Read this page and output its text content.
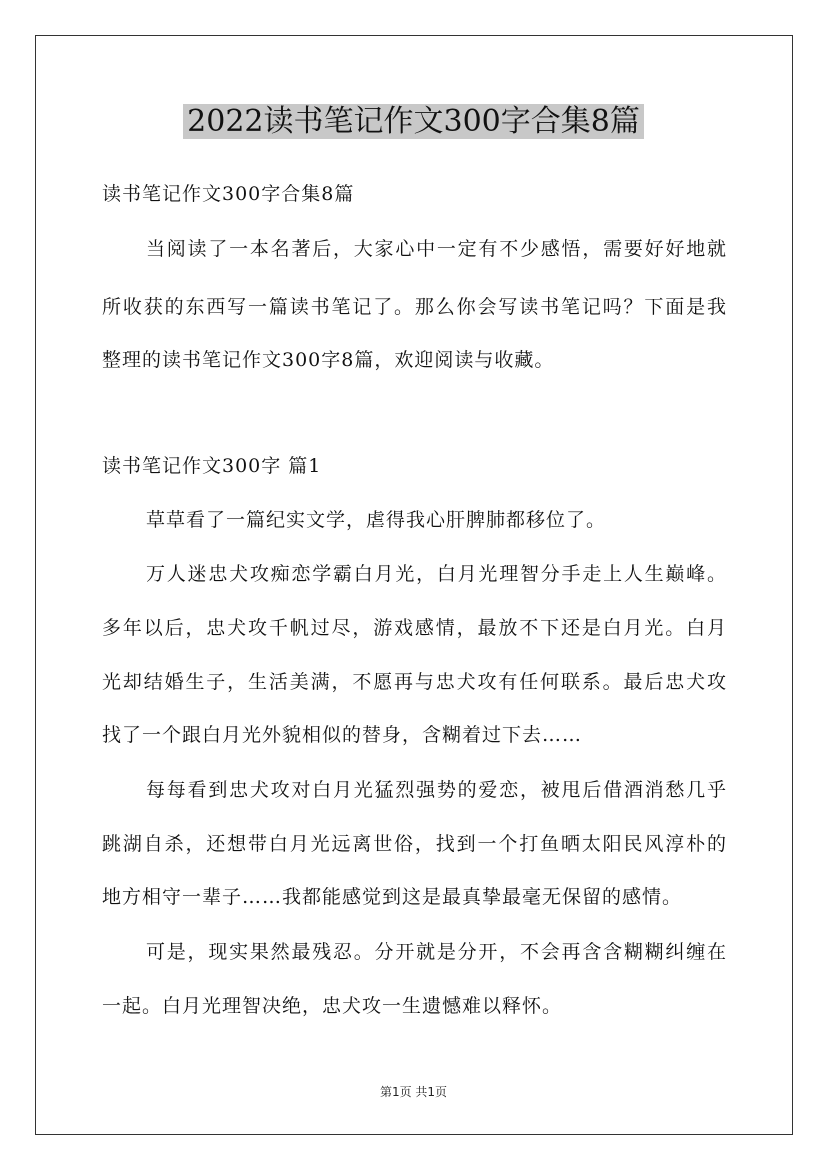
2022读书笔记作文300字合集8篇
读书笔记作文300字合集8篇
当阅读了一本名著后，大家心中一定有不少感悟，需要好好地就
所收获的东西写一篇读书笔记了。那么你会写读书笔记吗？下面是我
整理的读书笔记作文300字8篇，欢迎阅读与收藏。
读书笔记作文300字 篇1
草草看了一篇纪实文学，虐得我心肝脾肺都移位了。
万人迷忠犬攻痴恋学霸白月光，白月光理智分手走上人生巅峰。
多年以后，忠犬攻千帆过尽，游戏感情，最放不下还是白月光。白月
光却结婚生子，生活美满，不愿再与忠犬攻有任何联系。最后忠犬攻
找了一个跟白月光外貌相似的替身，含糊着过下去……
每每看到忠犬攻对白月光猛烈强势的爱恋，被甩后借酒消愁几乎
跳湖自杀，还想带白月光远离世俗，找到一个打鱼晒太阳民风淳朴的
地方相守一辈子……我都能感觉到这是最真挚最毫无保留的感情。
可是，现实果然最残忍。分开就是分开，不会再含含糊糊纠缠在
一起。白月光理智决绝，忠犬攻一生遗憾难以释怀。
第1页 共1页
